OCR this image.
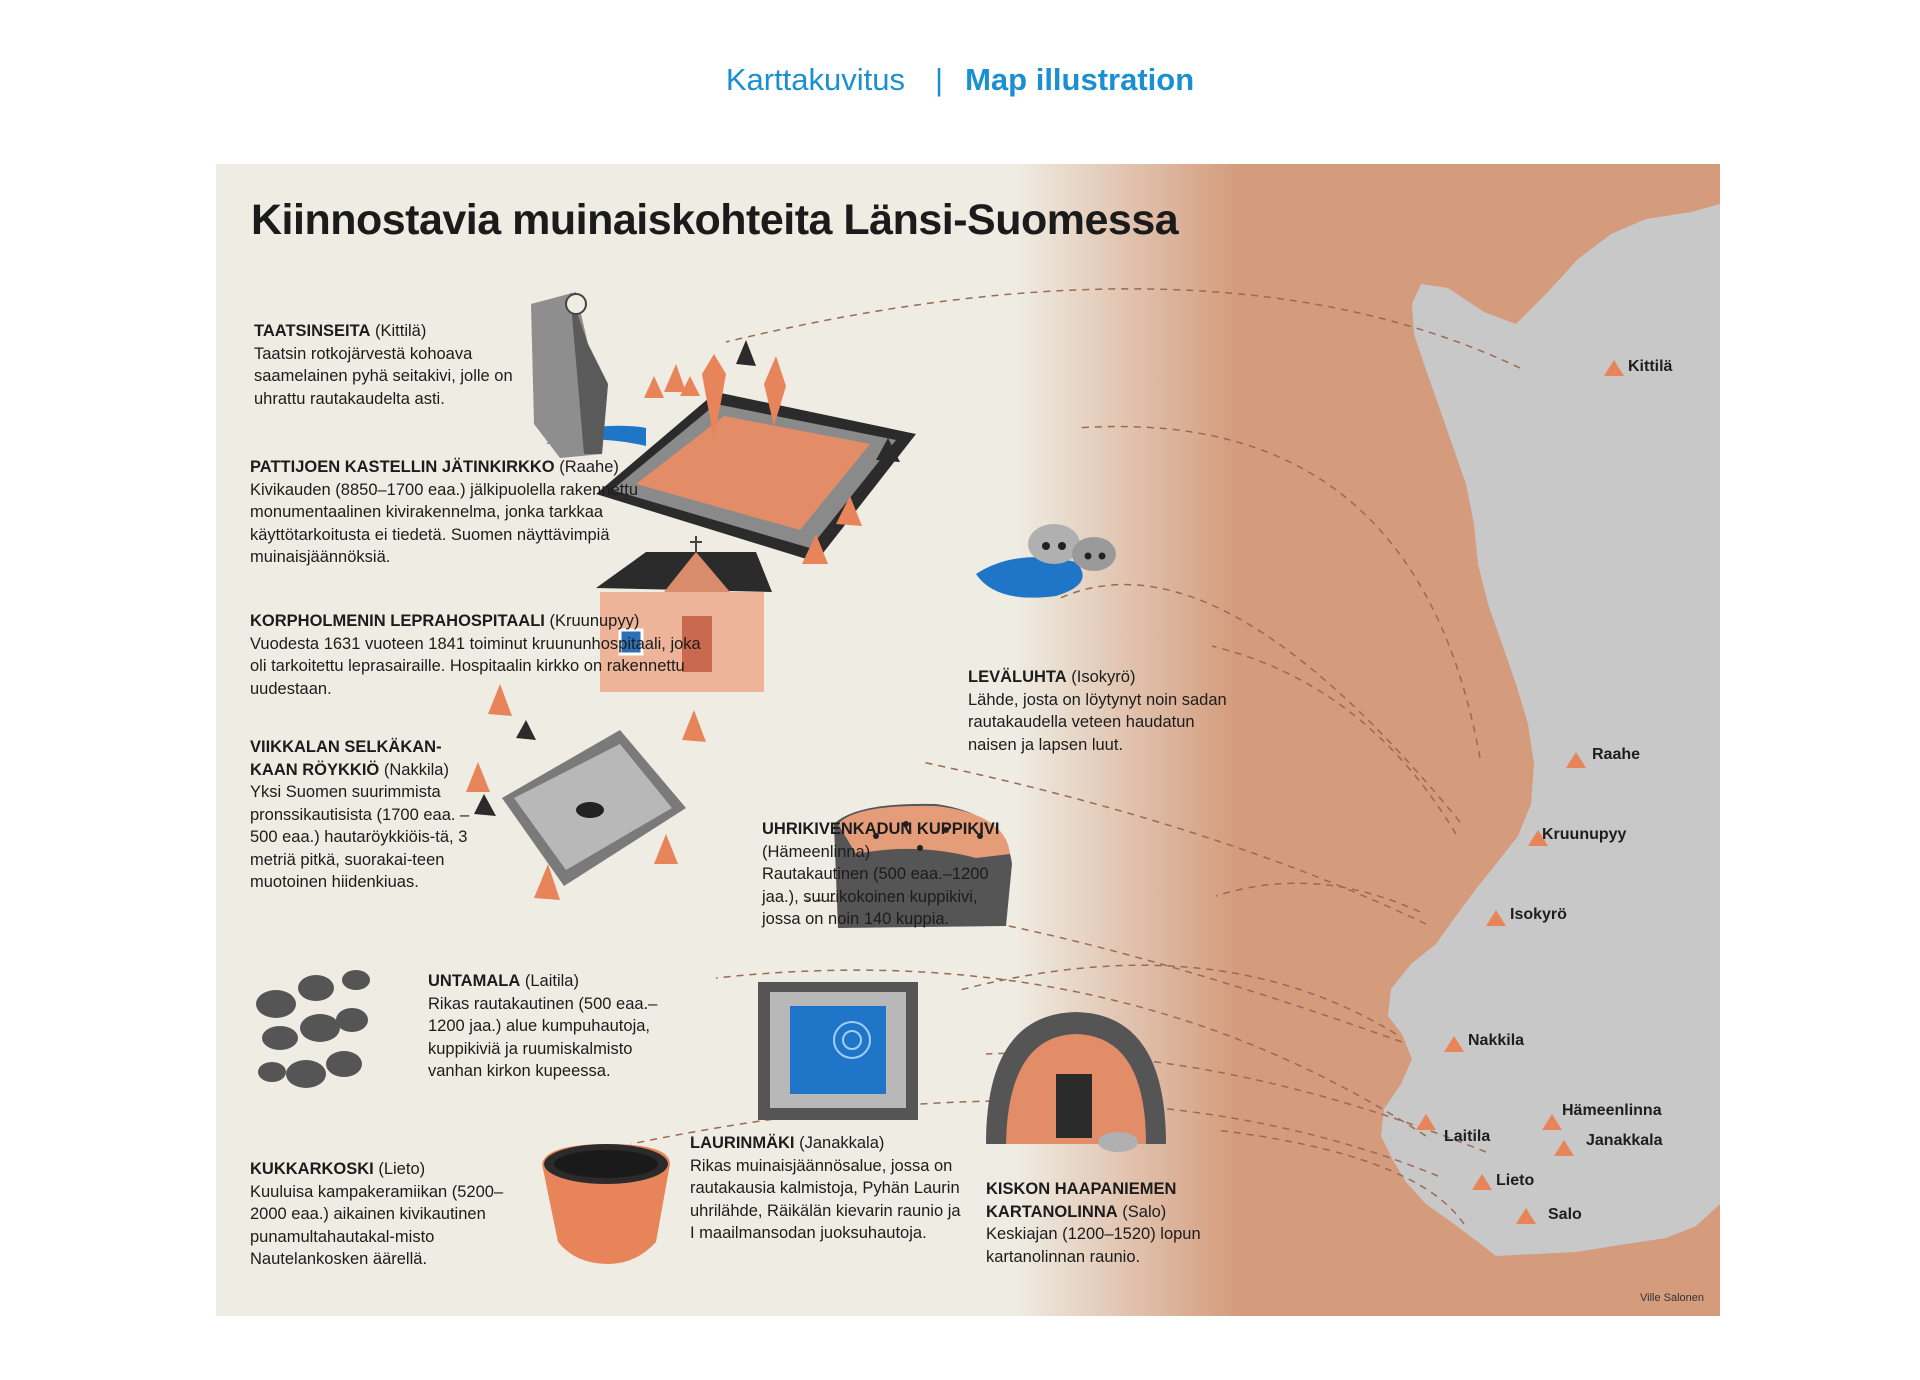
Karttakuvitus | Map illustration
Kiinnostavia muinaiskohteita Länsi-Suomessa
TAATSINSEITA (Kittilä)
Taatsin rotkojärvestä kohoava saamelainen pyhä seitakivi, jolle on uhrattu rautakaudelta asti.
PATTIJOEN KASTELLIN JÄTINKIRKKO (Raahe)
Kivikauden (8850–1700 eaa.) jälkipuolella rakennettu monumentaalinen kivirakennelma, jonka tarkkaa käyttötarkoitusta ei tiedetä. Suomen näyttävimpiä muinaisjäännöksiä.
KORPHOLMENIN LEPRAHOSPITAALI (Kruunupyy)
Vuodesta 1631 vuoteen 1841 toiminut kruununhospitaali, joka oli tarkoitettu leprasairaille. Hospitaalin kirkko on rakennettu uudestaan.
VIIKKALAN SELKÄKAN-KAAN RÖYKKIÖ (Nakkila)
Yksi Suomen suurimmista pronssikautisista (1700 eaa. – 500 eaa.) hautaröykkiöis-tä, 3 metriä pitkä, suorakai-teen muotoinen hiidenkiuas.
UNTAMALA (Laitila)
Rikas rautakautinen (500 eaa.–1200 jaa.) alue kumpuhautoja, kuppikiviä ja ruumiskalmisto vanhan kirkon kupeessa.
KUKKARKOSKI (Lieto)
Kuuluisa kampakeramiikan (5200–2000 eaa.) aikainen kivikautinen punamultahautakal-misto Nautelankosken äärellä.
LEVÄLUHTA (Isokyrö)
Lähde, josta on löytynyt noin sadan rautakaudella veteen haudatun naisen ja lapsen luut.
UHRIKIVENKADUN KUPPIKIVI (Hämeenlinna)
Rautakautinen (500 eaa.–1200 jaa.), suurikokoinen kuppikivi, jossa on noin 140 kuppia.
LAURINMÄKI (Janakkala)
Rikas muinaisjäännösalue, jossa on rautakausia kalmistoja, Pyhän Laurin uhrilähde, Räikälän kievarin raunio ja I maailmansodan juoksuhautoja.
KISKON HAAPANIEMEN KARTANOLINNA (Salo)
Keskiajan (1200–1520) lopun kartanolinnan raunio.
Kittilä
Raahe
Kruunupyy
Isokyrö
Nakkila
Hämeenlinna
Laitila	Janakkala
Lieto
Salo
Ville Salonen
